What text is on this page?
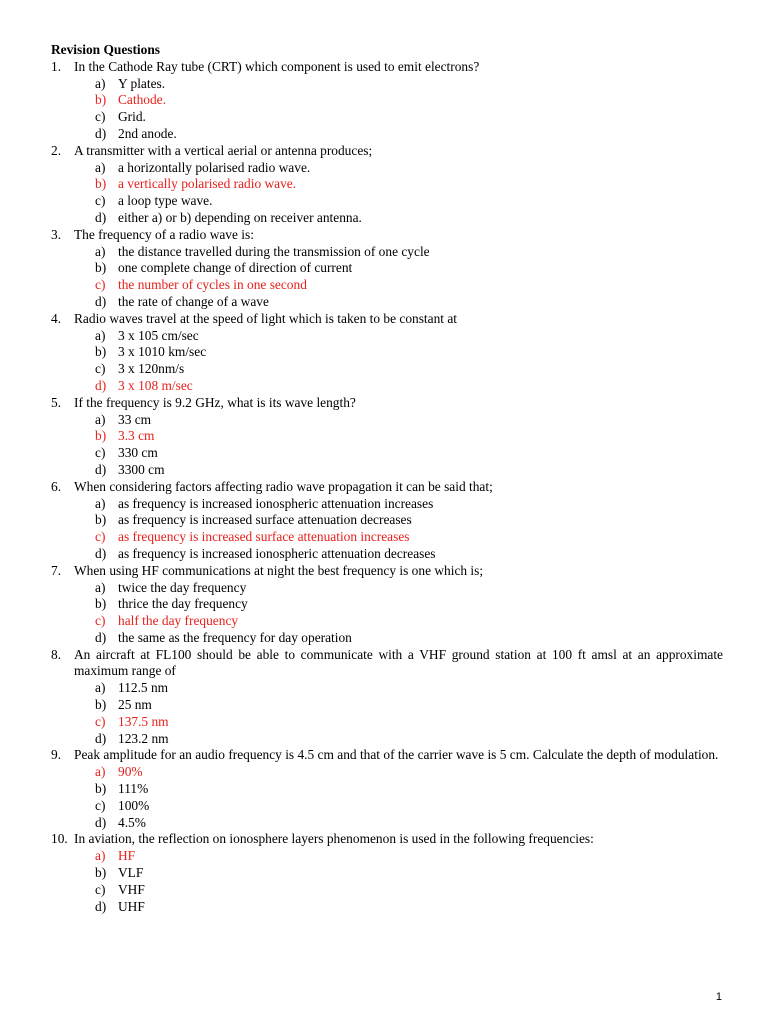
Revision Questions
1. In the Cathode Ray tube (CRT) which component is used to emit electrons?
a) Y plates.
b) Cathode.
c) Grid.
d) 2nd anode.
2. A transmitter with a vertical aerial or antenna produces;
a) a horizontally polarised radio wave.
b) a vertically polarised radio wave.
c) a loop type wave.
d) either a) or b) depending on receiver antenna.
3. The frequency of a radio wave is:
a) the distance travelled during the transmission of one cycle
b) one complete change of direction of current
c) the number of cycles in one second
d) the rate of change of a wave
4. Radio waves travel at the speed of light which is taken to be constant at
a) 3 x 105 cm/sec
b) 3 x 1010 km/sec
c) 3 x 120nm/s
d) 3 x 108 m/sec
5. If the frequency is 9.2 GHz, what is its wave length?
a) 33 cm
b) 3.3 cm
c) 330 cm
d) 3300 cm
6. When considering factors affecting radio wave propagation it can be said that;
a) as frequency is increased ionospheric attenuation increases
b) as frequency is increased surface attenuation decreases
c) as frequency is increased surface attenuation increases
d) as frequency is increased ionospheric attenuation decreases
7. When using HF communications at night the best frequency is one which is;
a) twice the day frequency
b) thrice the day frequency
c) half the day frequency
d) the same as the frequency for day operation
8. An aircraft at FL100 should be able to communicate with a VHF ground station at 100 ft amsl at an approximate maximum range of
a) 112.5 nm
b) 25 nm
c) 137.5 nm
d) 123.2 nm
9. Peak amplitude for an audio frequency is 4.5 cm and that of the carrier wave is 5 cm. Calculate the depth of modulation.
a) 90%
b) 111%
c) 100%
d) 4.5%
10. In aviation, the reflection on ionosphere layers phenomenon is used in the following frequencies:
a) HF
b) VLF
c) VHF
d) UHF
1
